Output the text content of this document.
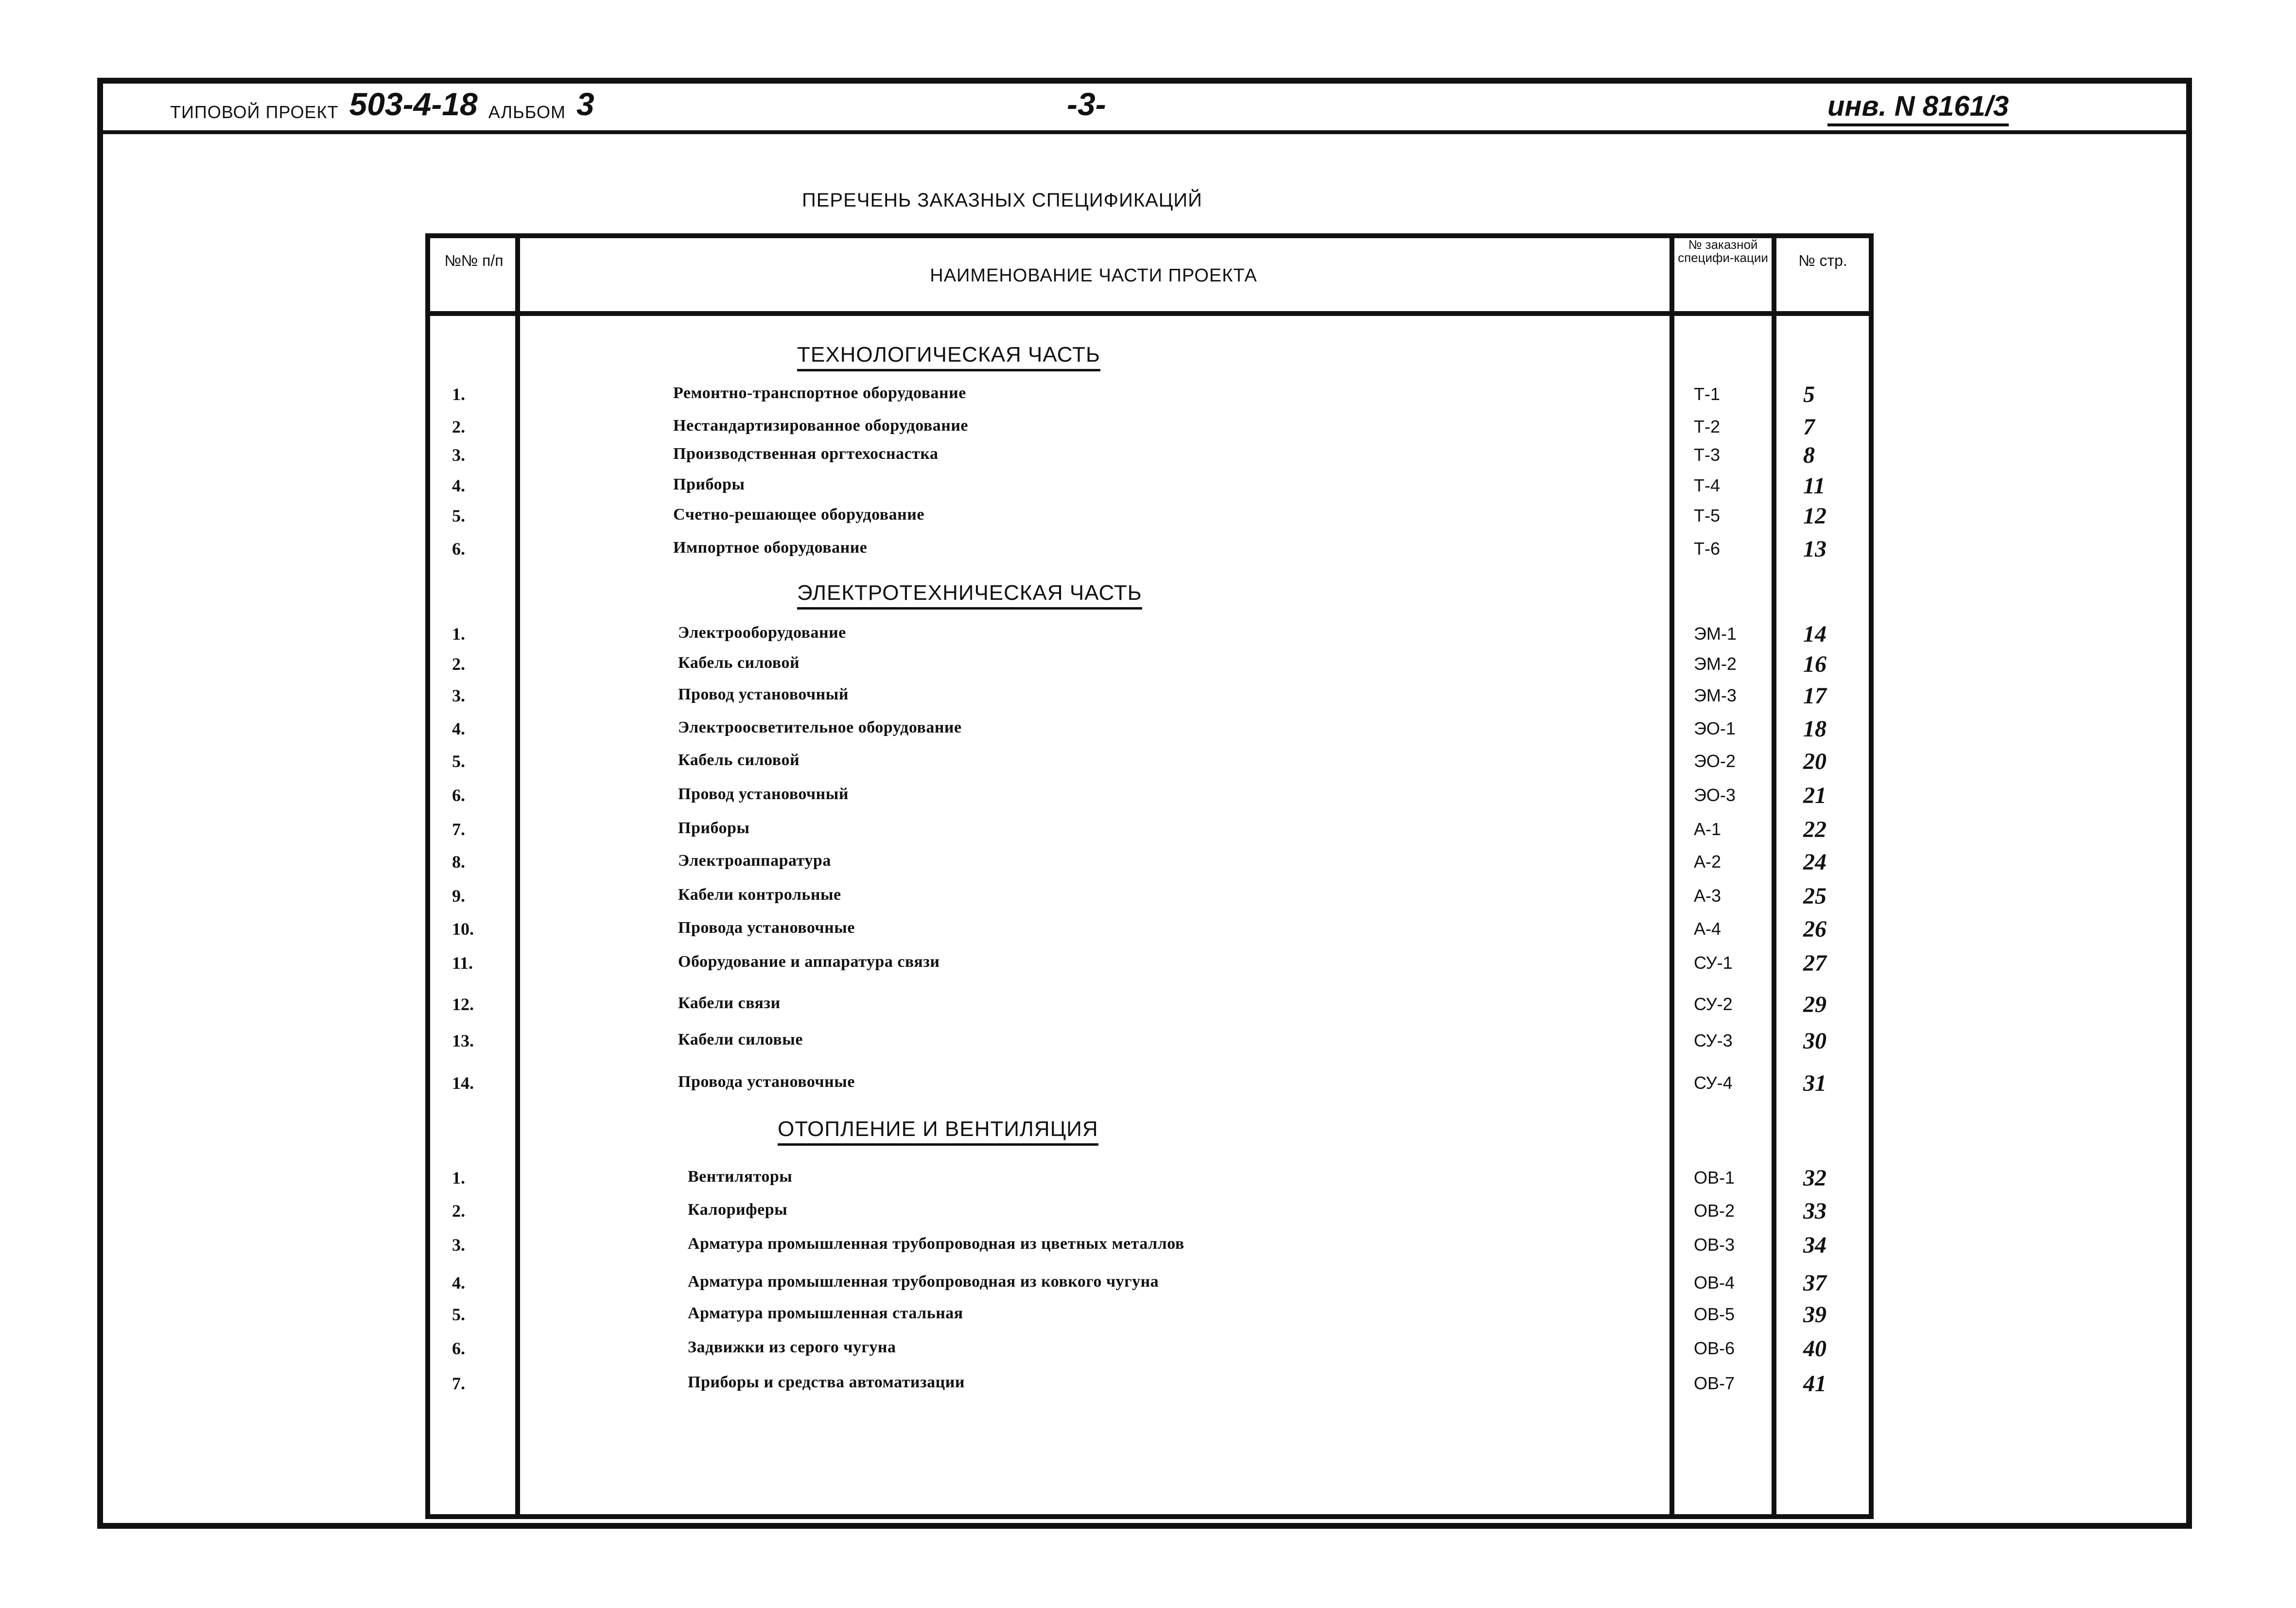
ТИПОВОЙ ПРОЕКТ 503-4-18 АЛЬБОМ 3	-3-	инв. N 8161/3
ПЕРЕЧЕНЬ ЗАКАЗНЫХ СПЕЦИФИКАЦИЙ
№№ п/п
НАИМЕНОВАНИЕ ЧАСТИ ПРОЕКТА
№ заказной специфи-кации	№ стр.
ТЕХНОЛОГИЧЕСКАЯ ЧАСТЬ
1.	Ремонтно-транспортное оборудование	Т-1	5
2.	Нестандартизированное оборудование	Т-2	7
3.	Производственная оргтехоснастка	Т-3	8
4.	Приборы	Т-4	11
5.	Счетно-решающее оборудование	Т-5	12
6.	Импортное оборудование	Т-6	13
ЭЛЕКТРОТЕХНИЧЕСКАЯ ЧАСТЬ
1.	Электрооборудование	ЭМ-1	14
2.	Кабель силовой	ЭМ-2	16
3.	Провод установочный	ЭМ-3	17
4.	Электроосветительное оборудование	ЭО-1	18
5.	Кабель силовой	ЭО-2	20
6.	Провод установочный	ЭО-3	21
7.	Приборы	А-1	22
8.	Электроаппаратура	А-2	24
9.	Кабели контрольные	А-3	25
10.	Провода установочные	А-4	26
11.	Оборудование и аппаратура связи	СУ-1	27
12.	Кабели связи	СУ-2	29
13.	Кабели силовые	СУ-3	30
14.	Провода установочные	СУ-4	31
ОТОПЛЕНИЕ И ВЕНТИЛЯЦИЯ
1.	Вентиляторы	ОВ-1	32
2.	Калориферы	ОВ-2	33
3.	Арматура промышленная трубопроводная из цветных металлов	ОВ-3	34
4.	Арматура промышленная трубопроводная из ковкого чугуна	ОВ-4	37
5.	Арматура промышленная стальная	ОВ-5	39
6.	Задвижки из серого чугуна	ОВ-6	40
7.	Приборы и средства автоматизации	ОВ-7	41
